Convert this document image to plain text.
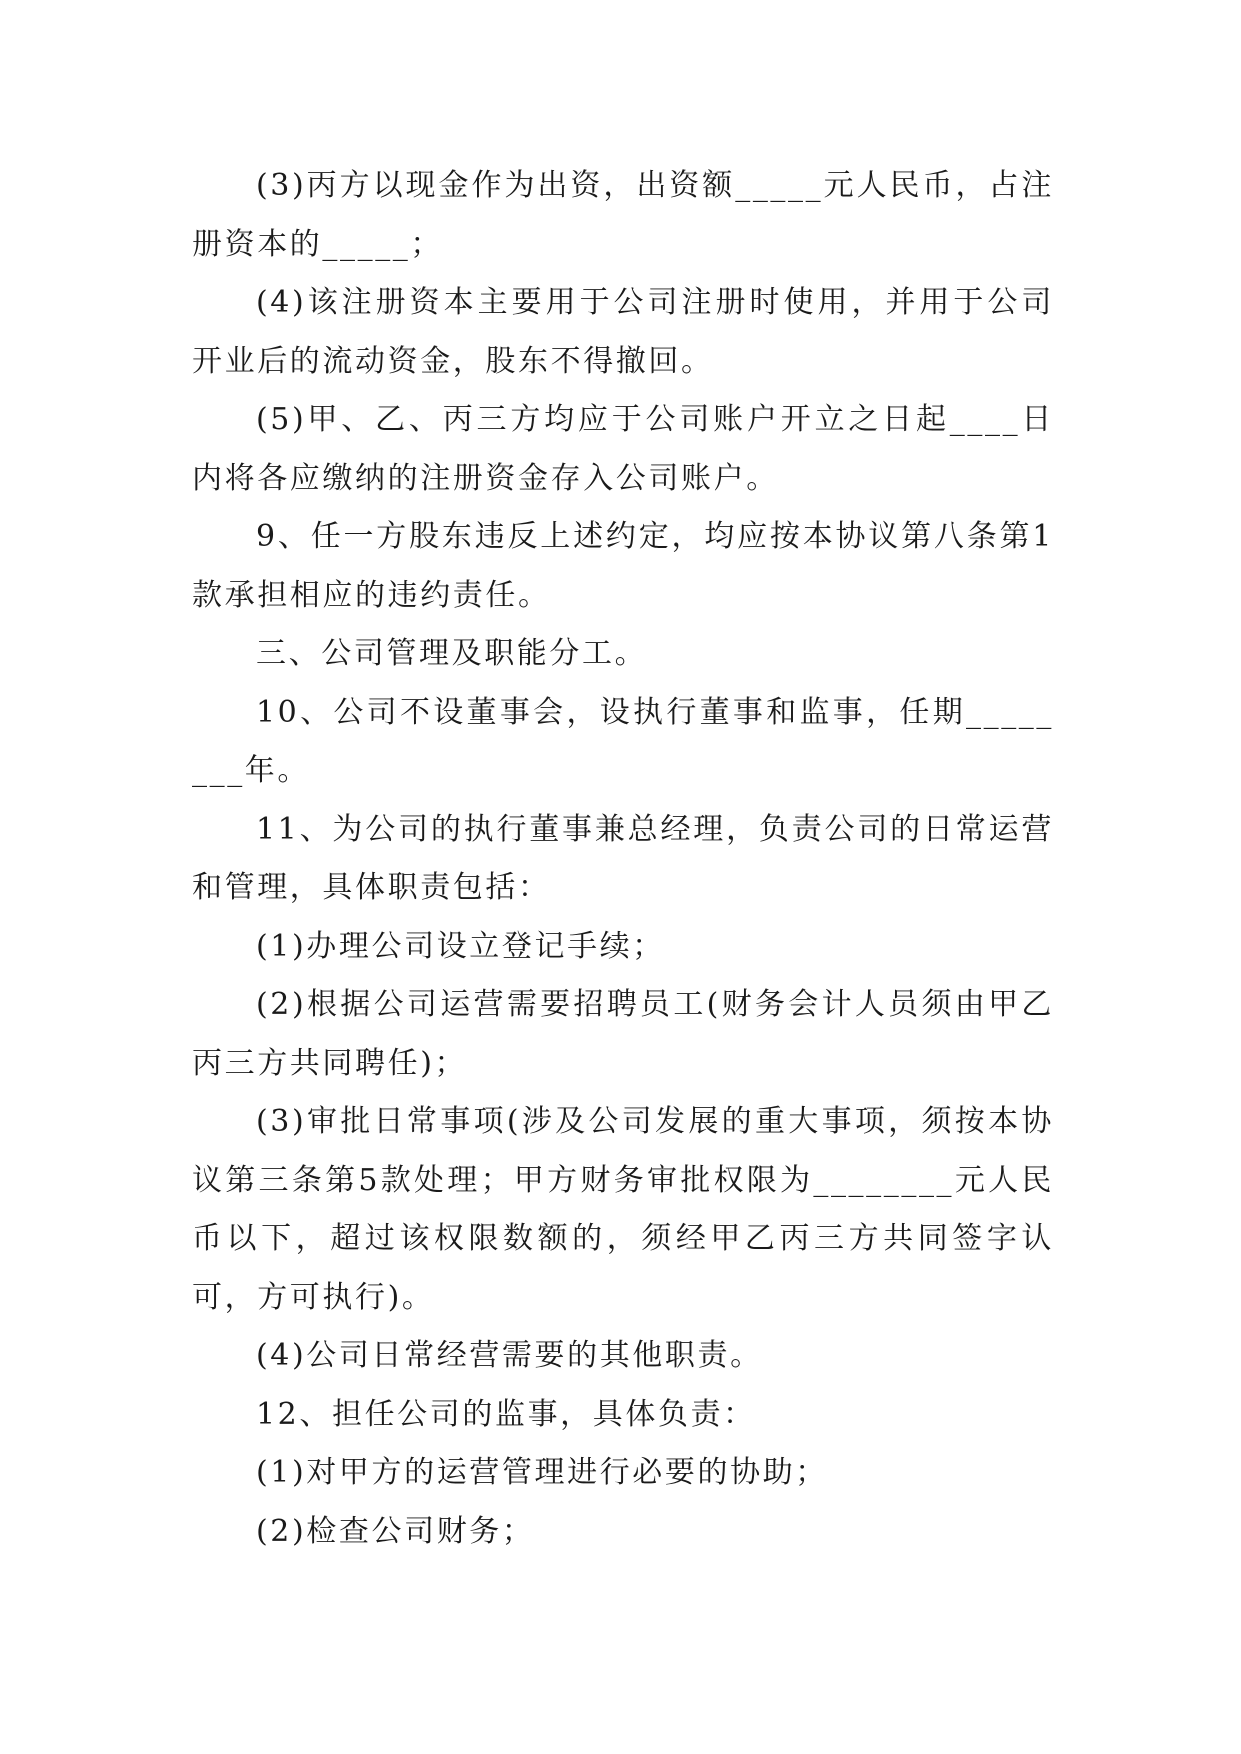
(3)丙方以现金作为出资，出资额_____元人民币，占注册资本的_____；

(4)该注册资本主要用于公司注册时使用，并用于公司开业后的流动资金，股东不得撤回。

(5)甲、乙、丙三方均应于公司账户开立之日起____日内将各应缴纳的注册资金存入公司账户。

9、任一方股东违反上述约定，均应按本协议第八条第1款承担相应的违约责任。

三、公司管理及职能分工。

10、公司不设董事会，设执行董事和监事，任期________年。

11、为公司的执行董事兼总经理，负责公司的日常运营和管理，具体职责包括：

(1)办理公司设立登记手续；

(2)根据公司运营需要招聘员工(财务会计人员须由甲乙丙三方共同聘任)；

(3)审批日常事项(涉及公司发展的重大事项，须按本协议第三条第5款处理；甲方财务审批权限为________元人民币以下，超过该权限数额的，须经甲乙丙三方共同签字认可，方可执行)。

(4)公司日常经营需要的其他职责。

12、担任公司的监事，具体负责：

(1)对甲方的运营管理进行必要的协助；

(2)检查公司财务；
